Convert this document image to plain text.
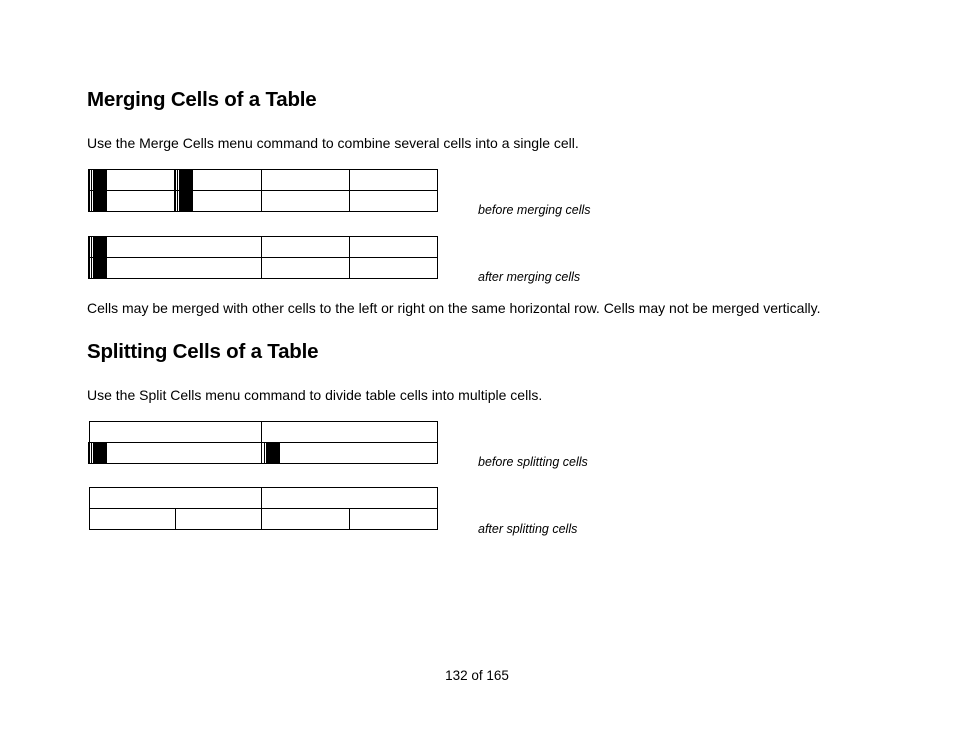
Merging Cells of a Table

Use the Merge Cells menu command to combine several cells into a single cell.

before merging cells
after merging cells

Cells may be merged with other cells to the left or right on the same horizontal row. Cells may not be merged vertically.

Splitting Cells of a Table

Use the Split Cells menu command to divide table cells into multiple cells.

before splitting cells
after splitting cells
132 of 165
